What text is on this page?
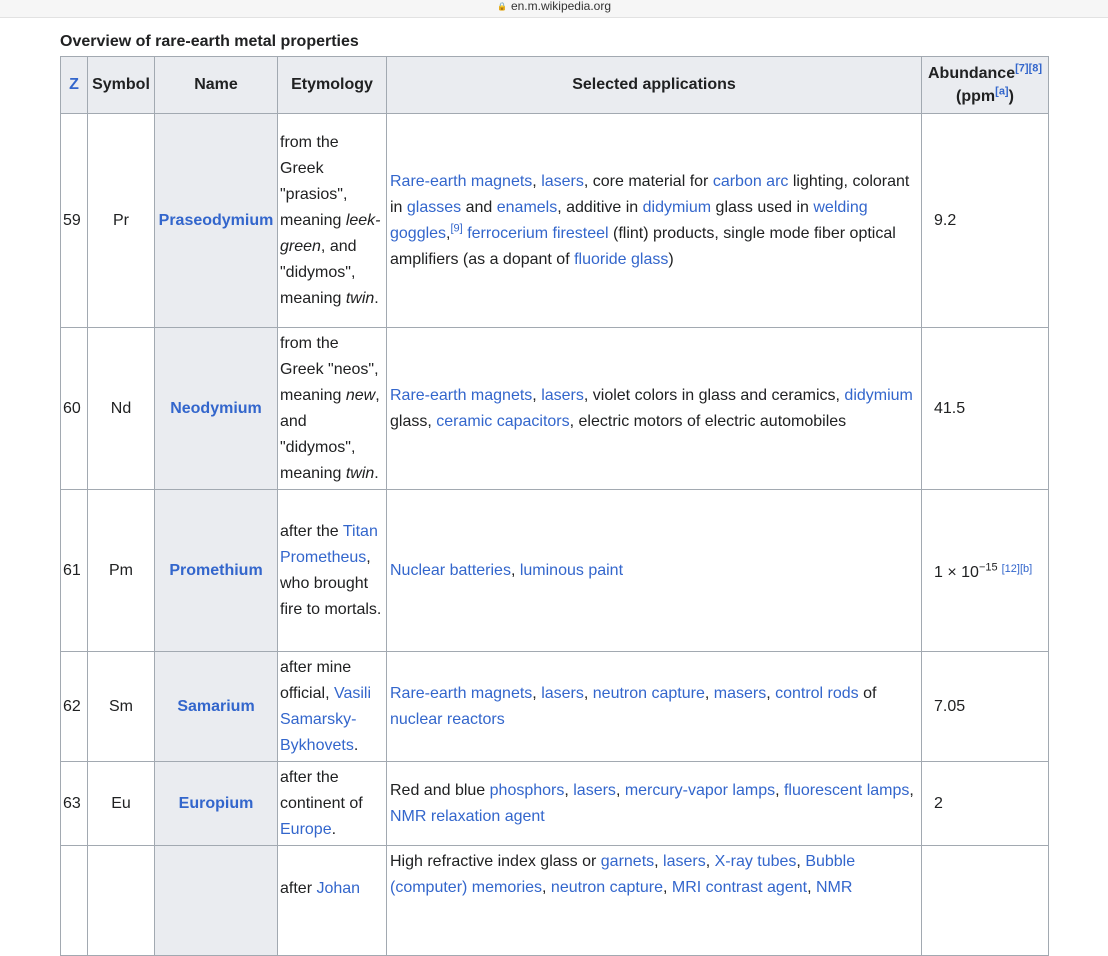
🔒 en.m.wikipedia.org
Overview of rare-earth metal properties
Z	Symbol	Name	Etymology	Selected applications	Abundance[7][8]
(ppm[a])
59	Pr	Praseodymium	from the Greek "prasios", meaning leek-green, and "didymos", meaning twin.	Rare-earth magnets, lasers, core material for carbon arc lighting, colorant in glasses and enamels, additive in didymium glass used in welding goggles,[9] ferrocerium firesteel (flint) products, single mode fiber optical amplifiers (as a dopant of fluoride glass)	9.2
60	Nd	Neodymium	from the Greek "neos", meaning new, and "didymos", meaning twin.	Rare-earth magnets, lasers, violet colors in glass and ceramics, didymium glass, ceramic capacitors, electric motors of electric automobiles	41.5
61	Pm	Promethium	after the Titan Prometheus, who brought fire to mortals.	Nuclear batteries, luminous paint	$1 \times 10^{-15}$ [12][b]
62	Sm	Samarium	after mine official, Vasili Samarsky-Bykhovets.	Rare-earth magnets, lasers, neutron capture, masers, control rods of nuclear reactors	7.05
63	Eu	Europium	after the continent of Europe.	Red and blue phosphors, lasers, mercury-vapor lamps, fluorescent lamps, NMR relaxation agent	2
			after Johan	High refractive index glass or garnets, lasers, X-ray tubes, Bubble (computer) memories, neutron capture, MRI contrast agent, NMR	
